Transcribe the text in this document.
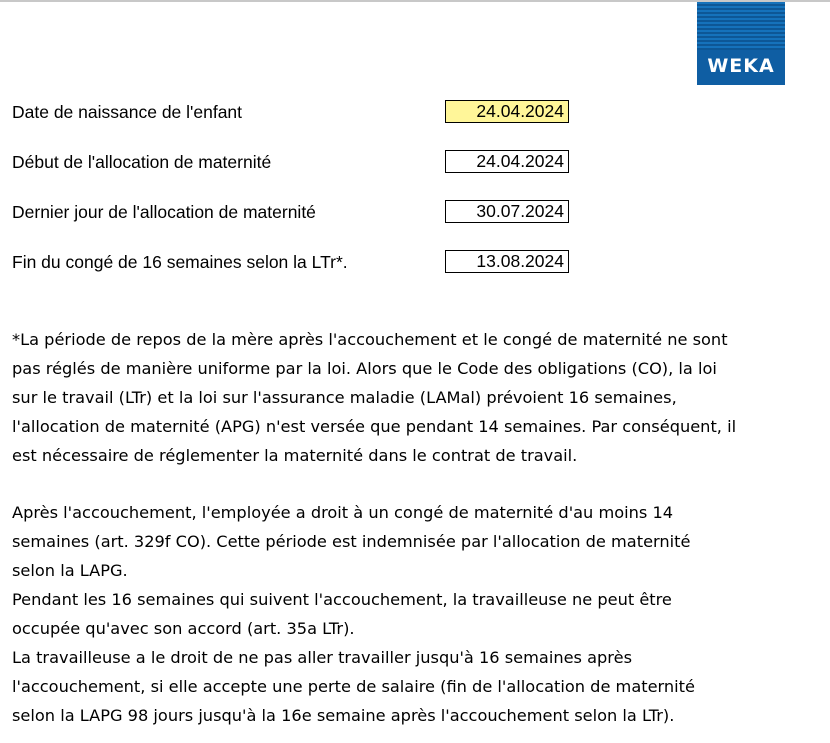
WEKA
Date de naissance de l'enfant	24.04.2024
Début de l'allocation de maternité	24.04.2024
Dernier jour de l'allocation de maternité	30.07.2024
Fin du congé de 16 semaines selon la LTr*.	13.08.2024
*La période de repos de la mère après l'accouchement et le congé de maternité ne sont
pas réglés de manière uniforme par la loi. Alors que le Code des obligations (CO), la loi
sur le travail (LTr) et la loi sur l'assurance maladie (LAMal) prévoient 16 semaines,
l'allocation de maternité (APG) n'est versée que pendant 14 semaines. Par conséquent, il
est nécessaire de réglementer la maternité dans le contrat de travail.
Après l'accouchement, l'employée a droit à un congé de maternité d'au moins 14
semaines (art. 329f CO). Cette période est indemnisée par l'allocation de maternité
selon la LAPG.
Pendant les 16 semaines qui suivent l'accouchement, la travailleuse ne peut être
occupée qu'avec son accord (art. 35a LTr).
La travailleuse a le droit de ne pas aller travailler jusqu'à 16 semaines après
l'accouchement, si elle accepte une perte de salaire (fin de l'allocation de maternité
selon la LAPG 98 jours jusqu'à la 16e semaine après l'accouchement selon la LTr).
